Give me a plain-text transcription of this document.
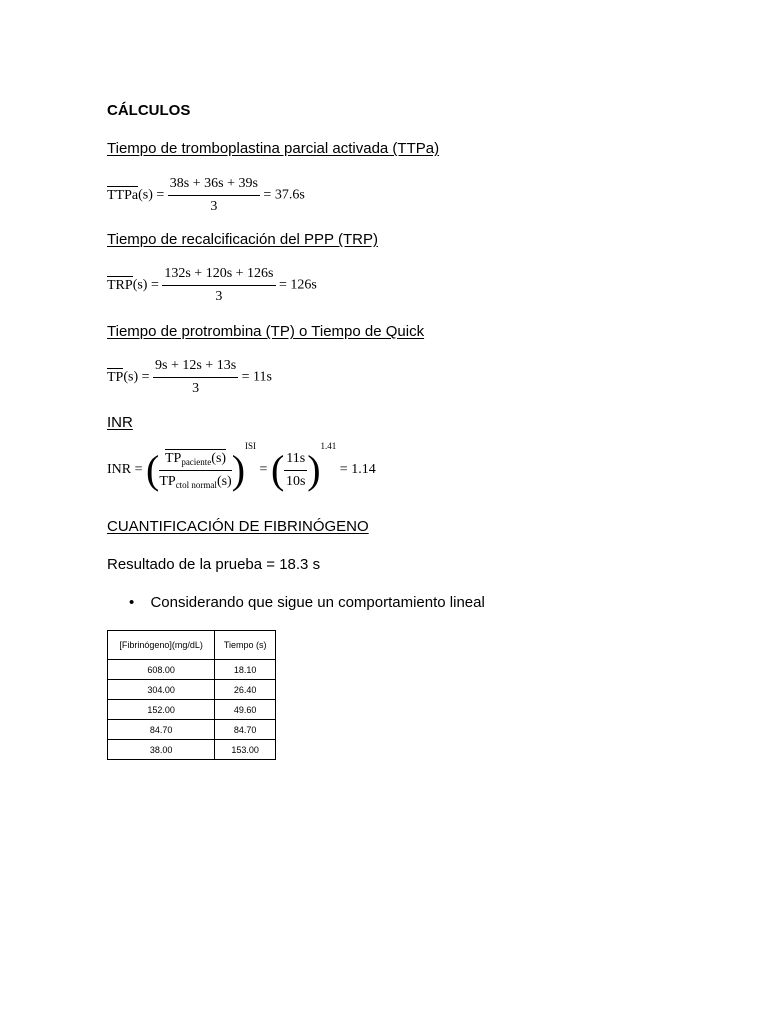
CÁLCULOS
Tiempo de tromboplastina parcial activada (TTPa)
TTPa(s) = $\frac{38s + 36s + 39s}{3} = 37.6s$
Tiempo de recalcificación del PPP (TRP)
$TRP(s) = \frac{132s + 120s + 126s}{3} = 126s$
Tiempo de protrombina (TP) o Tiempo de Quick
$TP(s) = \frac{9s + 12s + 13s}{3} = 11s$
INR
INR = ( $\frac{TP_{paciente}(s)}{TP_{ctol normal}(s)} )^{ISI}$ = ( $\frac{11s}{10s} )^{1.41} = 1.14$
CUANTIFICACIÓN DE FIBRINÓGENO
Resultado de la prueba = 18.3 s
• Considerando que sigue un comportamiento lineal
[Fibrinógeno](mg/dL)	Tiempo (s)
608.00	18.10
304.00	26.40
152.00	49.60
84.70	84.70
38.00	153.00
